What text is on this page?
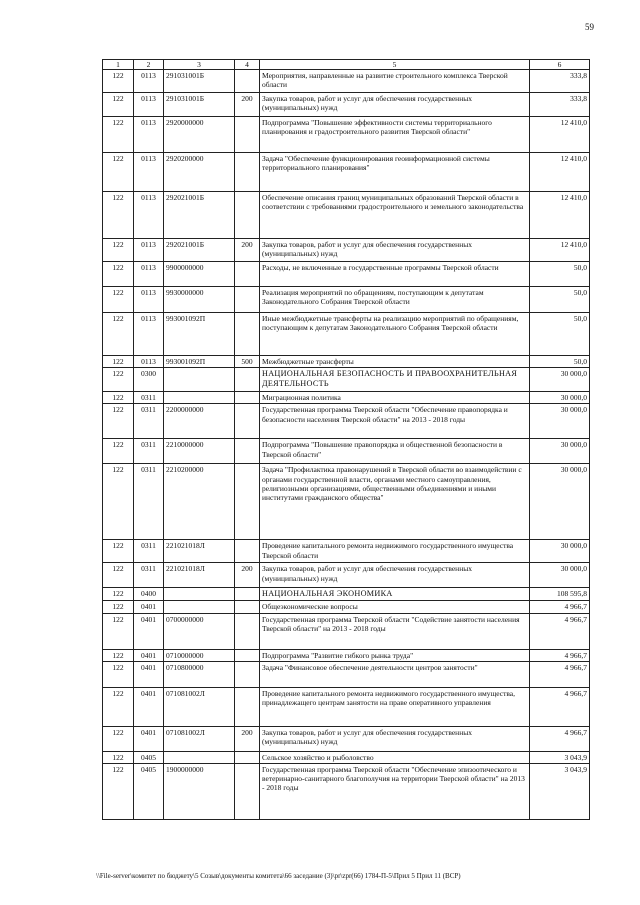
59
1	2	3	4	5	6
122	0113	291031001Б		Мероприятия, направленные на развитие строительного комплекса Тверской области	333,8
122	0113	291031001Б	200	Закупка товаров, работ и услуг для обеспечения государственных (муниципальных) нужд	333,8
122	0113	2920000000		Подпрограмма "Повышение эффективности системы территориального планирования и градостроительного развития Тверской области"	12 410,0
122	0113	2920200000		Задача "Обеспечение функционирования геоинформационной системы территориального планирования"	12 410,0
122	0113	292021001Б		Обеспечение описания границ муниципальных образований Тверской области в соответствии с требованиями градостроительного и земельного законодательства	12 410,0
122	0113	292021001Б	200	Закупка товаров, работ и услуг для обеспечения государственных (муниципальных) нужд	12 410,0
122	0113	9900000000		Расходы, не включенные в государственные программы Тверской области	50,0
122	0113	9930000000		Реализация мероприятий по обращениям, поступающим к депутатам Законодательного Собрания Тверской области	50,0
122	0113	993001092П		Иные межбюджетные трансферты на реализацию мероприятий по обращениям, поступающим к депутатам Законодательного Собрания Тверской области	50,0
122	0113	993001092П	500	Межбюджетные трансферты	50,0
122	0300			НАЦИОНАЛЬНАЯ БЕЗОПАСНОСТЬ И ПРАВООХРАНИТЕЛЬНАЯ ДЕЯТЕЛЬНОСТЬ	30 000,0
122	0311			Миграционная политика	30 000,0
122	0311	2200000000		Государственная программа Тверской области "Обеспечение правопорядка и безопасности населения Тверской области" на 2013 - 2018 годы	30 000,0
122	0311	2210000000		Подпрограмма "Повышение правопорядка и общественной безопасности в Тверской области"	30 000,0
122	0311	2210200000		Задача "Профилактика правонарушений в Тверской области во взаимодействии с органами государственной власти, органами местного самоуправления, религиозными организациями, общественными объединениями и иными институтами гражданского общества"	30 000,0
122	0311	221021018Л		Проведение капитального ремонта недвижимого государственного имущества Тверской области	30 000,0
122	0311	221021018Л	200	Закупка товаров, работ и услуг для обеспечения государственных (муниципальных) нужд	30 000,0
122	0400			НАЦИОНАЛЬНАЯ ЭКОНОМИКА	108 595,8
122	0401			Общеэкономические вопросы	4 966,7
122	0401	0700000000		Государственная программа Тверской области "Содействие занятости населения Тверской области" на 2013 - 2018 годы	4 966,7
122	0401	0710000000		Подпрограмма "Развитие гибкого рынка труда"	4 966,7
122	0401	0710800000		Задача "Финансовое обеспечение деятельности центров занятости"	4 966,7
122	0401	071081002Л		Проведение капитального ремонта недвижимого государственного имущества, принадлежащего центрам занятости на праве оперативного управления	4 966,7
122	0401	071081002Л	200	Закупка товаров, работ и услуг для обеспечения государственных (муниципальных) нужд	4 966,7
122	0405			Сельское хозяйство и рыболовство	3 043,9
122	0405	1900000000		Государственная программа Тверской области "Обеспечение эпизоотического и ветеринарно-санитарного благополучия на территории Тверской области" на 2013 - 2018 годы	3 043,9
\\File-server\комитет по бюджету\5 Созыв\документы комитета\66 заседание (3)\pr\zpr(66) 1784-П-5\Прил 5 Прил 11 (ВСР)
